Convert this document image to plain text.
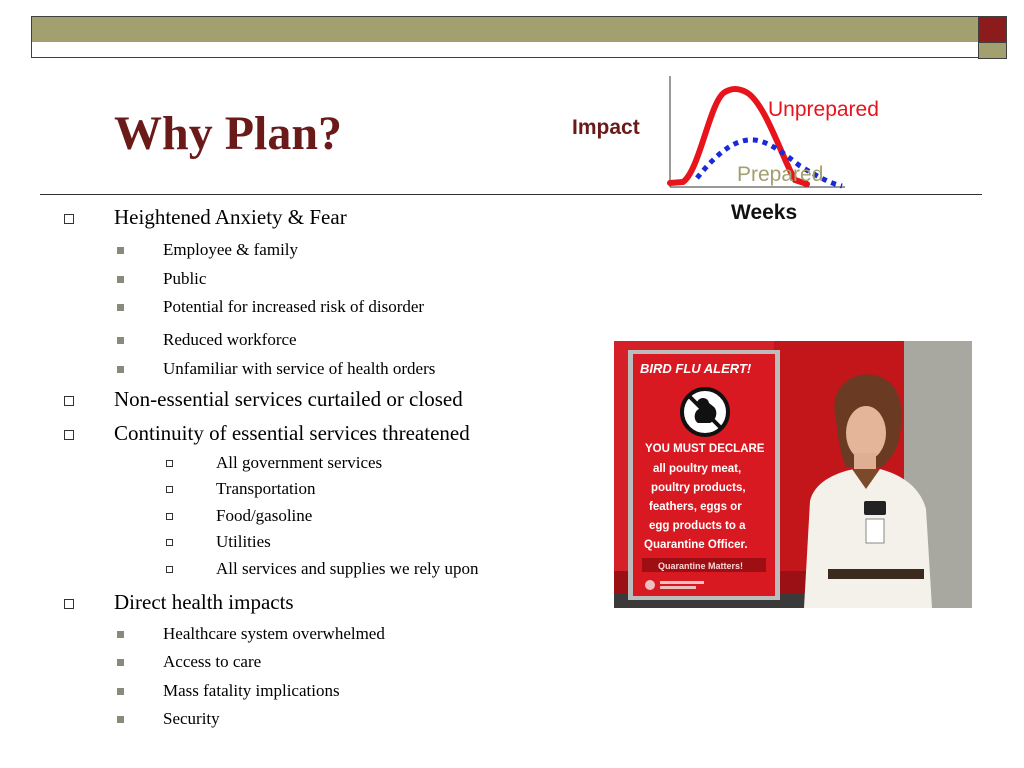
Why Plan?	Impact
Unprepared
Prepared
Weeks
Heightened Anxiety & Fear
Employee & family
Public
Potential for increased risk of disorder
Reduced workforce
Unfamiliar with service of health orders
Non-essential services curtailed or closed
Continuity of essential services threatened
All government services
Transportation
Food/gasoline
Utilities
All services and supplies we rely upon
Direct health impacts
Healthcare system overwhelmed
Access to care
Mass fatality implications
Security
BIRD FLU ALERT!
YOU MUST DECLARE
all poultry meat,
poultry products,
feathers, eggs or
egg products to a
Quarantine Officer.
Quarantine Matters!
